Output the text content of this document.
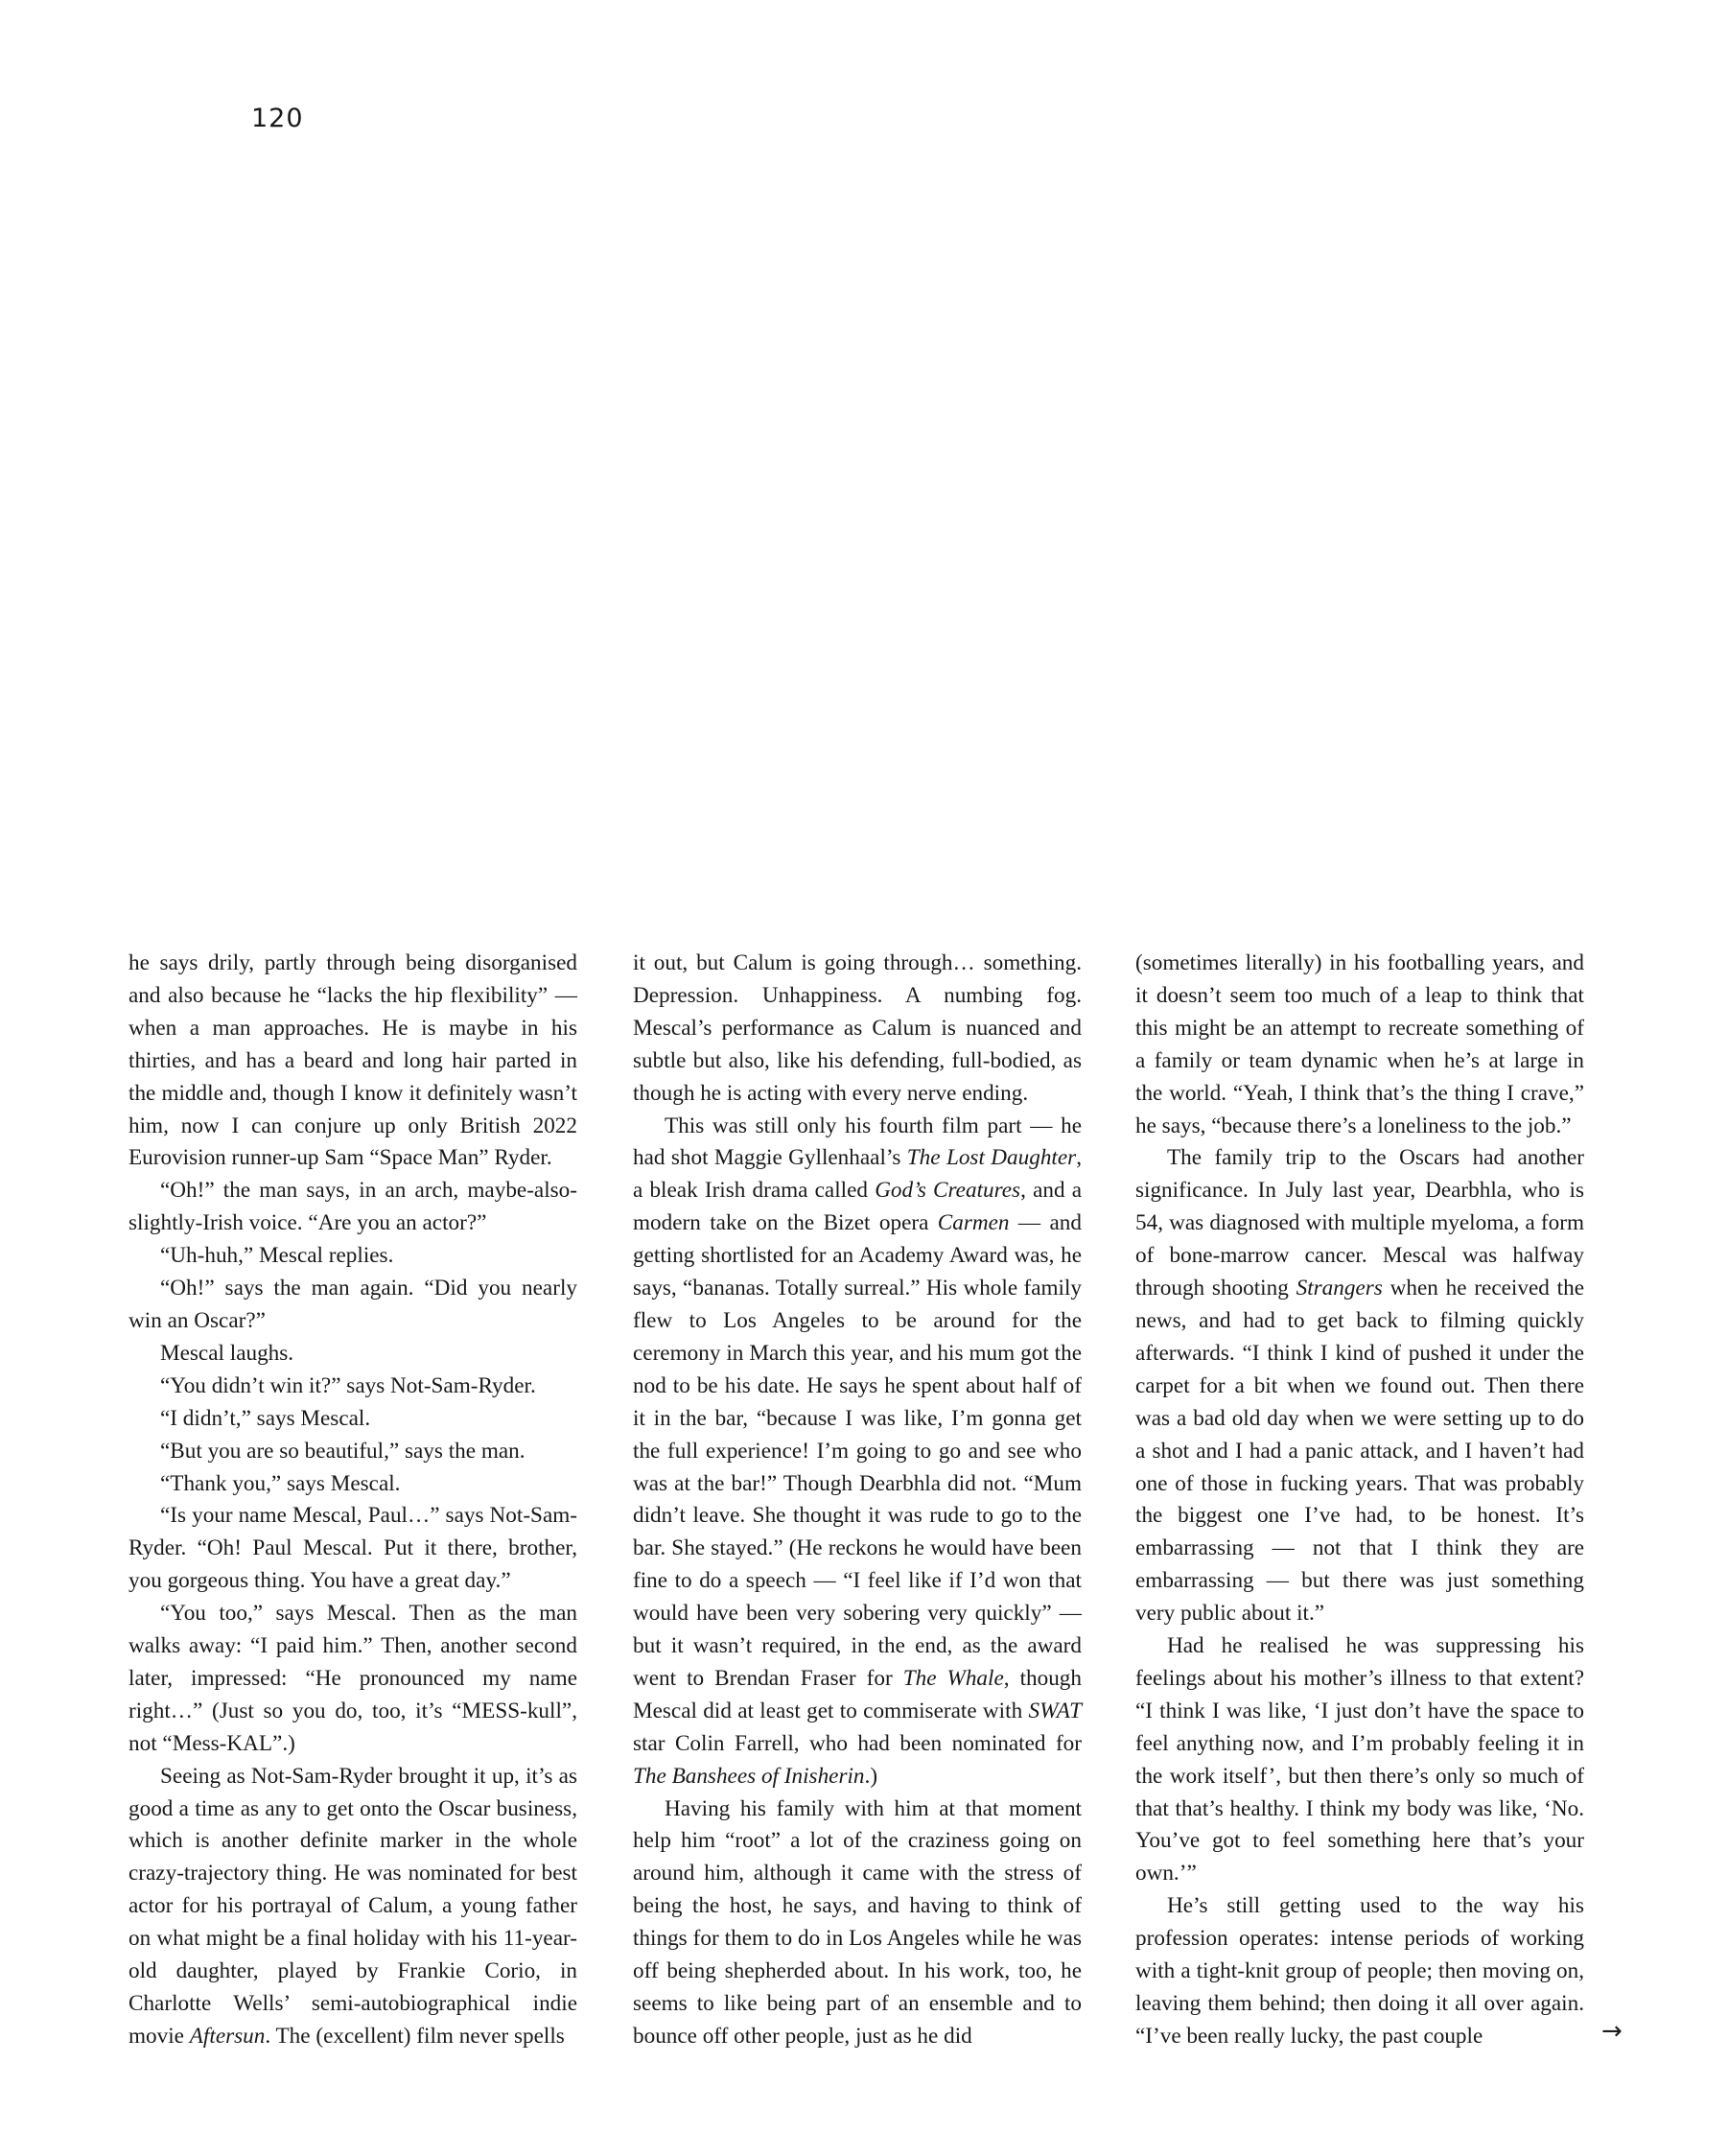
120

he says drily, partly through being disorganised and also because he “lacks the hip flexibility” — when a man approaches. He is maybe in his thirties, and has a beard and long hair parted in the middle and, though I know it definitely wasn’t him, now I can conjure up only British 2022 Eurovision runner-up Sam “Space Man” Ryder.

“Oh!” the man says, in an arch, maybe-also-slightly-Irish voice. “Are you an actor?”

“Uh-huh,” Mescal replies.

“Oh!” says the man again. “Did you nearly win an Oscar?”

Mescal laughs.

“You didn’t win it?” says Not-Sam-Ryder.

“I didn’t,” says Mescal.

“But you are so beautiful,” says the man.

“Thank you,” says Mescal.

“Is your name Mescal, Paul…” says Not-Sam-Ryder. “Oh! Paul Mescal. Put it there, brother, you gorgeous thing. You have a great day.”

“You too,” says Mescal. Then as the man walks away: “I paid him.” Then, another second later, impressed: “He pronounced my name right…” (Just so you do, too, it’s “MESS-kull”, not “Mess-KAL”.)

Seeing as Not-Sam-Ryder brought it up, it’s as good a time as any to get onto the Oscar business, which is another definite marker in the whole crazy-trajectory thing. He was nominated for best actor for his portrayal of Calum, a young father on what might be a final holiday with his 11-year-old daughter, played by Frankie Corio, in Charlotte Wells’ semi-autobiographical indie movie Aftersun. The (excellent) film never spells

it out, but Calum is going through… something. Depression. Unhappiness. A numbing fog. Mescal’s performance as Calum is nuanced and subtle but also, like his defending, full-bodied, as though he is acting with every nerve ending.

This was still only his fourth film part — he had shot Maggie Gyllenhaal’s The Lost Daughter, a bleak Irish drama called God’s Creatures, and a modern take on the Bizet opera Carmen — and getting shortlisted for an Academy Award was, he says, “bananas. Totally surreal.” His whole family flew to Los Angeles to be around for the ceremony in March this year, and his mum got the nod to be his date. He says he spent about half of it in the bar, “because I was like, I’m gonna get the full experience! I’m going to go and see who was at the bar!” Though Dearbhla did not. “Mum didn’t leave. She thought it was rude to go to the bar. She stayed.” (He reckons he would have been fine to do a speech — “I feel like if I’d won that would have been very sobering very quickly” — but it wasn’t required, in the end, as the award went to Brendan Fraser for The Whale, though Mescal did at least get to commiserate with SWAT star Colin Farrell, who had been nominated for The Banshees of Inisherin.)

Having his family with him at that moment help him “root” a lot of the craziness going on around him, although it came with the stress of being the host, he says, and having to think of things for them to do in Los Angeles while he was off being shepherded about. In his work, too, he seems to like being part of an ensemble and to bounce off other people, just as he did

(sometimes literally) in his footballing years, and it doesn’t seem too much of a leap to think that this might be an attempt to recreate something of a family or team dynamic when he’s at large in the world. “Yeah, I think that’s the thing I crave,” he says, “because there’s a loneliness to the job.”

The family trip to the Oscars had another significance. In July last year, Dearbhla, who is 54, was diagnosed with multiple myeloma, a form of bone-marrow cancer. Mescal was halfway through shooting Strangers when he received the news, and had to get back to filming quickly afterwards. “I think I kind of pushed it under the carpet for a bit when we found out. Then there was a bad old day when we were setting up to do a shot and I had a panic attack, and I haven’t had one of those in fucking years. That was probably the biggest one I’ve had, to be honest. It’s embarrassing — not that I think they are embarrassing — but there was just something very public about it.”

Had he realised he was suppressing his feelings about his mother’s illness to that extent? “I think I was like, ‘I just don’t have the space to feel anything now, and I’m probably feeling it in the work itself’, but then there’s only so much of that that’s healthy. I think my body was like, ‘No. You’ve got to feel something here that’s your own.’”

He’s still getting used to the way his profession operates: intense periods of working with a tight-knit group of people; then moving on, leaving them behind; then doing it all over again. “I’ve been really lucky, the past couple	→
